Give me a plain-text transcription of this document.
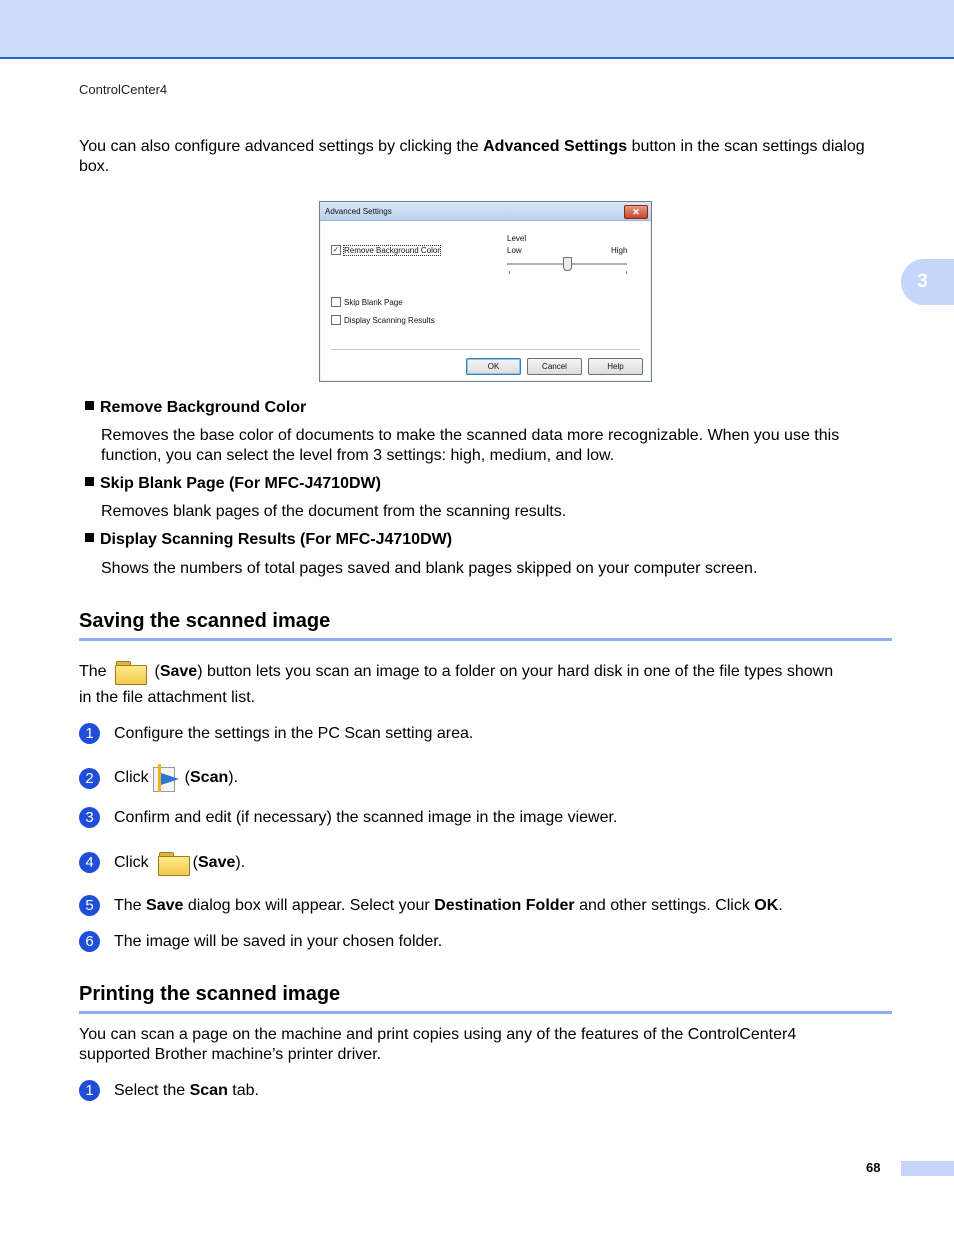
ControlCenter4
3
You can also configure advanced settings by clicking the Advanced Settings button in the scan settings dialog box.
Advanced Settings	✕
✓ Remove Background Color
Level
Low	High
Skip Blank Page
Display Scanning Results
OK	Cancel	Help
Remove Background Color
Removes the base color of documents to make the scanned data more recognizable. When you use this function, you can select the level from 3 settings: high, medium, and low.
Skip Blank Page (For MFC-J4710DW)
Removes blank pages of the document from the scanning results.
Display Scanning Results (For MFC-J4710DW)
Shows the numbers of total pages saved and blank pages skipped on your computer screen.
Saving the scanned image
The	(Save) button lets you scan an image to a folder on your hard disk in one of the file types shown
in the file attachment list.
1	Configure the settings in the PC Scan setting area.
2	Click (Scan).
3	Confirm and edit (if necessary) the scanned image in the image viewer.
4	Click	(Save).
5	The Save dialog box will appear. Select your Destination Folder and other settings. Click OK.
6	The image will be saved in your chosen folder.
Printing the scanned image
You can scan a page on the machine and print copies using any of the features of the ControlCenter4 supported Brother machine’s printer driver.
1	Select the Scan tab.
68
